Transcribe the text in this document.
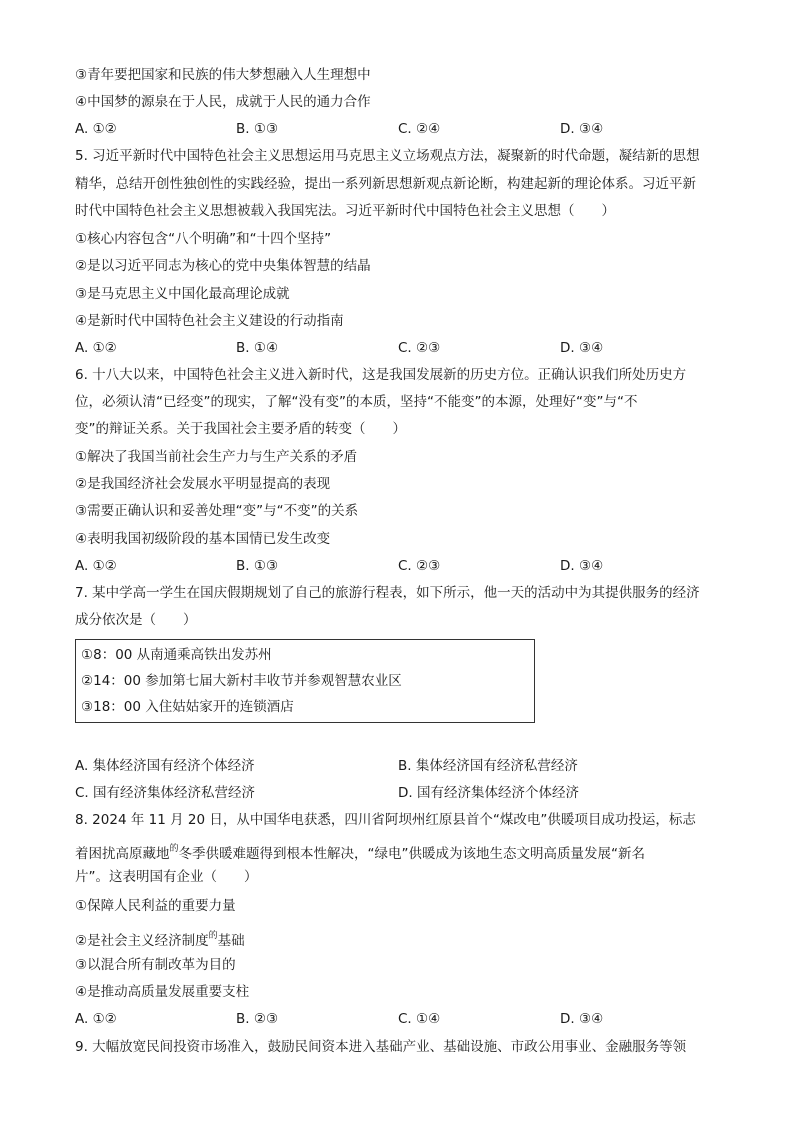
③青年要把国家和民族的伟大梦想融入人生理想中
④中国梦的源泉在于人民，成就于人民的通力合作
A. ①②	B. ①③	C. ②④	D. ③④
5. 习近平新时代中国特色社会主义思想运用马克思主义立场观点方法，凝聚新的时代命题，凝结新的思想
精华，总结开创性独创性的实践经验，提出一系列新思想新观点新论断，构建起新的理论体系。习近平新
时代中国特色社会主义思想被载入我国宪法。习近平新时代中国特色社会主义思想（　　）
①核心内容包含“八个明确”和“十四个坚持”
②是以习近平同志为核心的党中央集体智慧的结晶
③是马克思主义中国化最高理论成就
④是新时代中国特色社会主义建设的行动指南
A. ①②	B. ①④	C. ②③	D. ③④
6. 十八大以来，中国特色社会主义进入新时代，这是我国发展新的历史方位。正确认识我们所处历史方
位，必须认清“已经变”的现实，了解“没有变”的本质，坚持“不能变”的本源，处理好“变”与“不
变”的辩证关系。关于我国社会主要矛盾的转变（　　）
①解决了我国当前社会生产力与生产关系的矛盾
②是我国经济社会发展水平明显提高的表现
③需要正确认识和妥善处理“变”与“不变”的关系
④表明我国初级阶段的基本国情已发生改变
A. ①②	B. ①③	C. ②③	D. ③④
7. 某中学高一学生在国庆假期规划了自己的旅游行程表，如下所示，他一天的活动中为其提供服务的经济
成分依次是（　　）
①8：00 从南通乘高铁出发苏州
②14：00 参加第七届大新村丰收节并参观智慧农业区
③18：00 入住姑姑家开的连锁酒店
A. 集体经济国有经济个体经济	B. 集体经济国有经济私营经济
C. 国有经济集体经济私营经济	D. 国有经济集体经济个体经济
8. 2024 年 11 月 20 日，从中国华电获悉，四川省阿坝州红原县首个“煤改电”供暖项目成功投运，标志
着困扰高原藏地$^的$冬季供暖难题得到根本性解决，“绿电”供暖成为该地生态文明高质量发展“新名
片”。这表明国有企业（　　）
①保障人民利益的重要力量
②是社会主义经济制度$^的$基础
③以混合所有制改革为目的
④是推动高质量发展重要支柱
A. ①②	B. ②③	C. ①④	D. ③④
9. 大幅放宽民间投资市场准入，鼓励民间资本进入基础产业、基础设施、市政公用事业、金融服务等领
